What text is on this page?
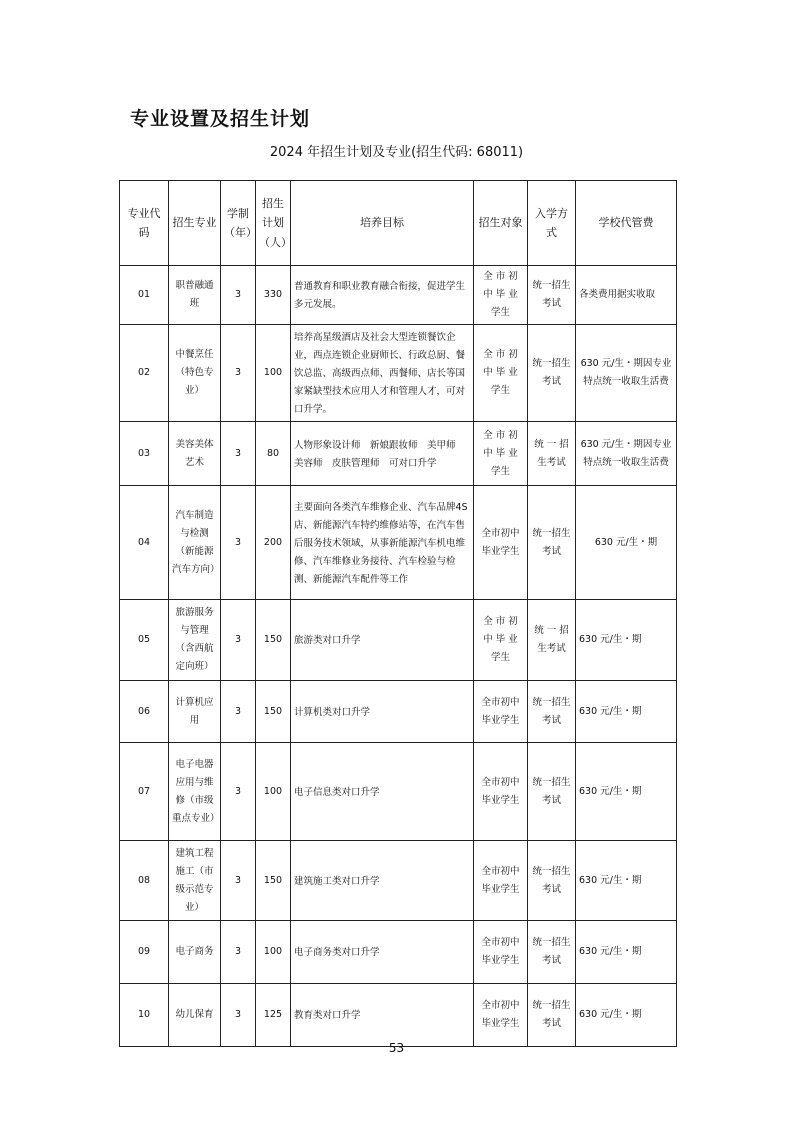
专业设置及招生计划
2024 年招生计划及专业(招生代码: 68011)
专业代码	招生专业	学制（年）	招生计划（人）	培养目标	招生对象	入学方式	学校代管费
01	职普融通班	3	330	普通教育和职业教育融合衔接，促进学生多元发展。	全 市 初 中 毕 业 学生	统一招生考试	各类费用据实收取
02	中餐烹任（特色专业）	3	100	培养高星级酒店及社会大型连锁餐饮企业，西点连锁企业厨师长、行政总厨、餐饮总监、高级西点师、西餐师、店长等国家紧缺型技术应用人才和管理人才，可对口升学。	全 市 初 中 毕 业 学生	统一招生考试	630 元/生・期因专业特点统一收取生活费
03	美容美体艺术	3	80	人物形象设计师　新娘跟妆师　美甲师　美容师　皮肤管理师　可对口升学	全 市 初 中 毕 业 学生	统 一 招生考试	630 元/生・期因专业特点统一收取生活费
04	汽车制造与检测（新能源汽车方向）	3	200	主要面向各类汽车维修企业、汽车品牌4S店、新能源汽车特约维修站等，在汽车售后服务技术领域，从事新能源汽车机电维修、汽车维修业务接待、汽车检验与检测、新能源汽车配件等工作	全市初中毕业学生	统一招生考试	630 元/生・期
05	旅游服务与管理（含西航定向班）	3	150	旅游类对口升学	全 市 初 中 毕 业 学生	统 一 招生考试	630 元/生・期
06	计算机应用	3	150	计算机类对口升学	全市初中毕业学生	统一招生考试	630 元/生・期
07	电子电器应用与维修（市级重点专业）	3	100	电子信息类对口升学	全市初中毕业学生	统一招生考试	630 元/生・期
08	建筑工程施工（市级示范专业）	3	150	建筑施工类对口升学	全市初中毕业学生	统一招生考试	630 元/生・期
09	电子商务	3	100	电子商务类对口升学	全市初中毕业学生	统一招生考试	630 元/生・期
10	幼儿保育	3	125	教育类对口升学	全市初中毕业学生	统一招生考试	630 元/生・期
53
